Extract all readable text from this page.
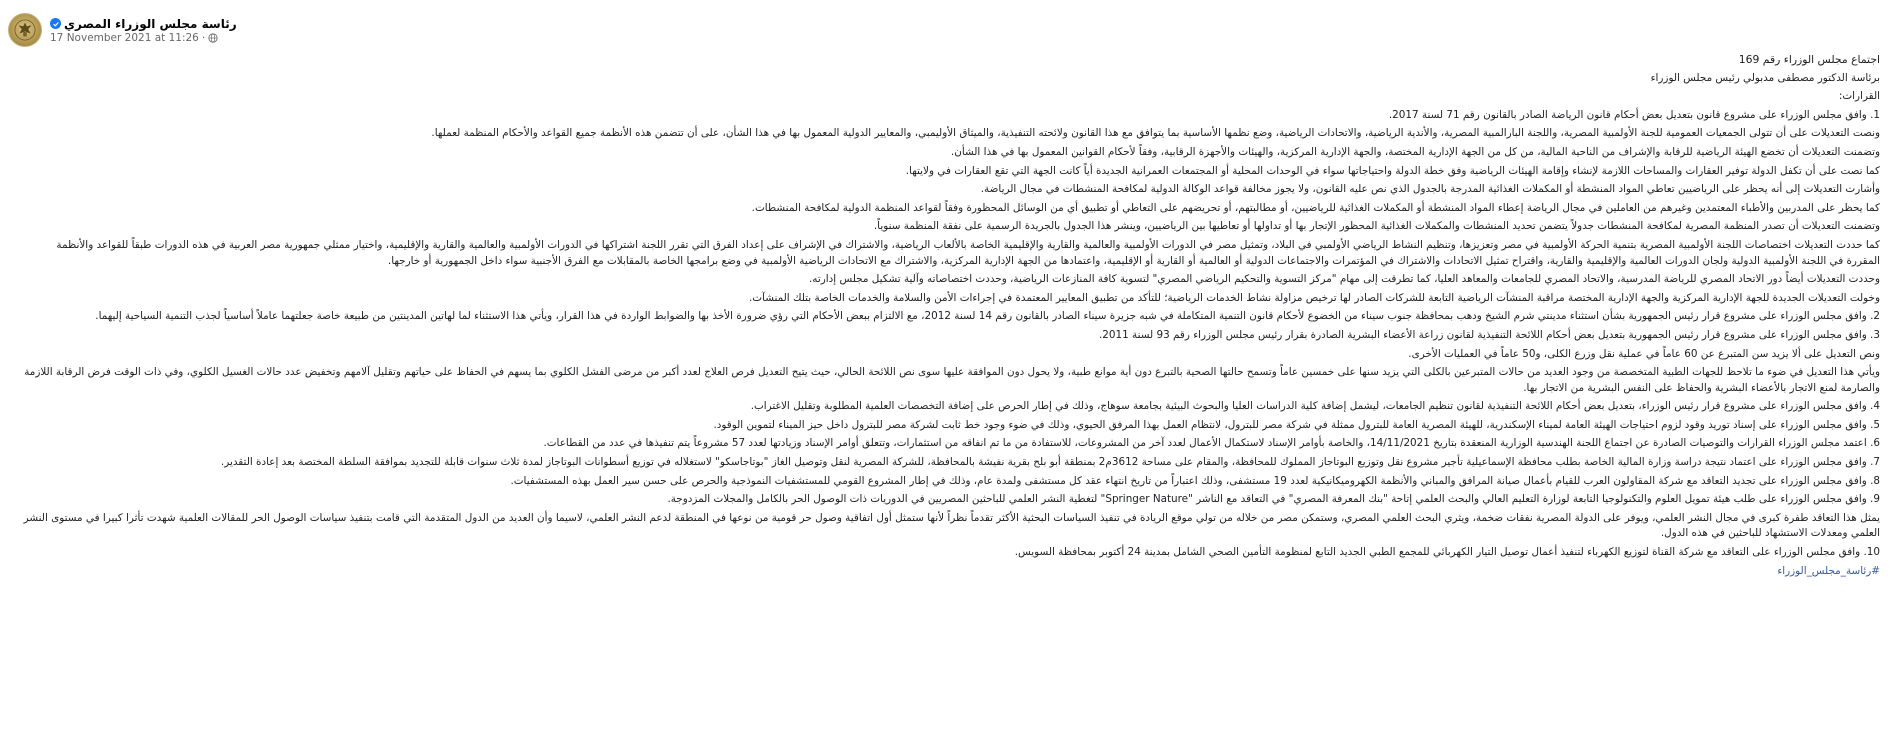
رئاسة مجلس الوزراء المصري
17 November 2021 at 11:26 ·

اجتماع مجلس الوزراء رقم 169

برئاسة الدكتور مصطفى مدبولي رئيس مجلس الوزراء

القرارات:

1. وافق مجلس الوزراء على مشروع قانون بتعديل بعض أحكام قانون الرياضة الصادر بالقانون رقم 71 لسنة 2017.

ونصت التعديلات على أن تتولى الجمعيات العمومية للجنة الأولمبية المصرية، واللجنة البارالمبية المصرية، والأندية الرياضية، والاتحادات الرياضية، وضع نظمها الأساسية بما يتوافق مع هذا القانون ولائحته التنفيذية، والميثاق الأوليمبي، والمعايير الدولية المعمول بها في هذا الشأن، على أن تتضمن هذه الأنظمة جميع القواعد والأحكام المنظمة لعملها.

وتضمنت التعديلات أن تخضع الهيئة الرياضية للرقابة والإشراف من الناحية المالية، من كل من الجهة الإدارية المختصة، والجهة الإدارية المركزية، والهيئات والأجهزة الرقابية، وفقاً لأحكام القوانين المعمول بها في هذا الشأن.

كما نصت على أن تكفل الدولة توفير العقارات والمساحات اللازمة لإنشاء وإقامة الهيئات الرياضية وفق خطة الدولة واحتياجاتها سواء في الوحدات المحلية أو المجتمعات العمرانية الجديدة أياً كانت الجهة التي تقع العقارات في ولايتها.

وأشارت التعديلات إلى أنه يحظر على الرياضيين تعاطي المواد المنشطة أو المكملات الغذائية المدرجة بالجدول الذي نص عليه القانون، ولا يجوز مخالفة قواعد الوكالة الدولية لمكافحة المنشطات في مجال الرياضة.

كما يحظر على المدربين والأطباء المعتمدين وغيرهم من العاملين في مجال الرياضة إعطاء المواد المنشطة أو المكملات الغذائية للرياضيين، أو مطالبتهم، أو تحريضهم على التعاطي أو تطبيق أي من الوسائل المحظورة وفقاً لقواعد المنظمة الدولية لمكافحة المنشطات.

وتضمنت التعديلات أن تصدر المنظمة المصرية لمكافحة المنشطات جدولاً يتضمن تحديد المنشطات والمكملات الغذائية المحظور الإتجار بها أو تداولها أو تعاطيها بين الرياضيين، وينشر هذا الجدول بالجريدة الرسمية على نفقة المنظمة سنوياً.

كما حددت التعديلات اختصاصات اللجنة الأولمبية المصرية بتنمية الحركة الأولمبية في مصر وتعزيزها، وتنظيم النشاط الرياضي الأولمبي في البلاد، وتمثيل مصر في الدورات الأولمبية والعالمية والقارية والإقليمية الخاصة بالألعاب الرياضية، والاشتراك في الإشراف على إعداد الفرق التي تقرر اللجنة اشتراكها في الدورات الأولمبية والعالمية والقارية والإقليمية، واختيار ممثلي جمهورية مصر العربية في هذه الدورات طبقاً للقواعد والأنظمة المقررة في اللجنة الأولمبية الدولية ولجان الدورات العالمية والإقليمية والقارية، واقتراح تمثيل الاتحادات والاشتراك في المؤتمرات والاجتماعات الدولية أو العالمية أو القارية أو الإقليمية، واعتمادها من الجهة الإدارية المركزية، والاشتراك مع الاتحادات الرياضية الأولمبية في وضع برامجها الخاصة بالمقابلات مع الفرق الأجنبية سواء داخل الجمهورية أو خارجها.

وحددت التعديلات أيضاً دور الاتحاد المصري للرياضة المدرسية، والاتحاد المصري للجامعات والمعاهد العليا، كما تطرقت إلى مهام "مركز التسوية والتحكيم الرياضي المصري" لتسوية كافة المنازعات الرياضية، وحددت اختصاصاته وآلية تشكيل مجلس إدارته.

وخولت التعديلات الجديدة للجهة الإدارية المركزية والجهة الإدارية المختصة مراقبة المنشآت الرياضية التابعة للشركات الصادر لها ترخيص مزاولة نشاط الخدمات الرياضية؛ للتأكد من تطبيق المعايير المعتمدة في إجراءات الأمن والسلامة والخدمات الخاصة بتلك المنشآت.

2. وافق مجلس الوزراء على مشروع قرار رئيس الجمهورية بشأن استثناء مدينتي شرم الشيخ ودهب بمحافظة جنوب سيناء من الخضوع لأحكام قانون التنمية المتكاملة في شبه جزيرة سيناء الصادر بالقانون رقم 14 لسنة 2012، مع الالتزام ببعض الأحكام التي رؤي ضرورة الأخذ بها والضوابط الواردة في هذا القرار، ويأتي هذا الاستثناء لما لهاتين المدينتين من طبيعة خاصة جعلتهما عاملاً أساسياً لجذب التنمية السياحية إليهما.

3. وافق مجلس الوزراء على مشروع قرار رئيس الجمهورية بتعديل بعض أحكام اللائحة التنفيذية لقانون زراعة الأعضاء البشرية الصادرة بقرار رئيس مجلس الوزراء رقم 93 لسنة 2011.

ونص التعديل على ألا يزيد سن المتبرع عن 60 عاماً في عملية نقل وزرع الكلى، و50 عاماً في العمليات الأخرى.

ويأتي هذا التعديل في ضوء ما تلاحظ للجهات الطبية المتخصصة من وجود العديد من حالات المتبرعين بالكلى التي يزيد سنها على خمسين عاماً وتسمح حالتها الصحية بالتبرع دون أية موانع طبية، ولا يحول دون الموافقة عليها سوى نص اللائحة الحالي، حيث يتيح التعديل فرص العلاج لعدد أكبر من مرضى الفشل الكلوي بما يسهم في الحفاظ على حياتهم وتقليل آلامهم وتخفيض عدد حالات الغسيل الكلوي، وفي ذات الوقت فرض الرقابة اللازمة والصارمة لمنع الاتجار بالأعضاء البشرية والحفاظ على النفس البشرية من الاتجار بها.

4. وافق مجلس الوزراء على مشروع قرار رئيس الوزراء، بتعديل بعض أحكام اللائحة التنفيذية لقانون تنظيم الجامعات، ليشمل إضافة كلية الدراسات العليا والبحوث البيئية بجامعة سوهاج، وذلك في إطار الحرص على إضافة التخصصات العلمية المطلوبة وتقليل الاغتراب.

5. وافق مجلس الوزراء على إسناد توريد وقود لزوم احتياجات الهيئة العامة لميناء الإسكندرية، للهيئة المصرية العامة للبترول ممثلة في شركة مصر للبترول، لانتظام العمل بهذا المرفق الحيوي، وذلك في ضوء وجود خط ثابت لشركة مصر للبترول داخل حيز الميناء لتموين الوقود.

6. اعتمد مجلس الوزراء القرارات والتوصيات الصادرة عن اجتماع اللجنة الهندسية الوزارية المنعقدة بتاريخ 14/11/2021، والخاصة بأوامر الإسناد لاستكمال الأعمال لعدد آخر من المشروعات، للاستفادة من ما تم انفاقه من استثمارات، وتتعلق أوامر الإسناد وزيادتها لعدد 57 مشروعاً يتم تنفيذها في عدد من القطاعات.

7. وافق مجلس الوزراء على اعتماد نتيجة دراسة وزارة المالية الخاصة بطلب محافظة الإسماعيلية تأجير مشروع نقل وتوزيع البوتاجاز المملوك للمحافظة، والمقام على مساحة 3612م2 بمنطقة أبو بلح بقرية نفيشة بالمحافظة، للشركة المصرية لنقل وتوصيل الغاز "بوتاجاسكو" لاستغلاله في توزيع أسطوانات البوتاجاز لمدة ثلاث سنوات قابلة للتجديد بموافقة السلطة المختصة بعد إعادة التقدير.

8. وافق مجلس الوزراء على تجديد التعاقد مع شركة المقاولون العرب للقيام بأعمال صيانة المرافق والمباني والأنظمة الكهروميكانيكية لعدد 19 مستشفى، وذلك اعتباراً من تاريخ انتهاء عقد كل مستشفى ولمدة عام، وذلك في إطار المشروع القومي للمستشفيات النموذجية والحرص على حسن سير العمل بهذه المستشفيات.

9. وافق مجلس الوزراء على طلب هيئة تمويل العلوم والتكنولوجيا التابعة لوزارة التعليم العالي والبحث العلمي إتاحة "بنك المعرفة المصري" في التعاقد مع الناشر "Springer Nature" لتغطية النشر العلمي للباحثين المصريين في الدوريات ذات الوصول الحر بالكامل والمجلات المزدوجة.

يمثل هذا التعاقد طفرة كبرى في مجال النشر العلمي، ويوفر على الدولة المصرية نفقات ضخمة، ويثري البحث العلمي المصري، وستمكن مصر من خلاله من تولي موقع الريادة في تنفيذ السياسات البحثية الأكثر تقدماً نظراً لأنها ستمثل أول اتفاقية وصول حر قومية من نوعها في المنطقة لدعم النشر العلمي، لاسيما وأن العديد من الدول المتقدمة التي قامت بتنفيذ سياسات الوصول الحر للمقالات العلمية شهدت تأثرا كبيرا في مستوى النشر العلمي ومعدلات الاستشهاد للباحثين في هذه الدول.

10. وافق مجلس الوزراء على التعاقد مع شركة القناة لتوزيع الكهرباء لتنفيذ أعمال توصيل التيار الكهربائي للمجمع الطبي الجديد التابع لمنظومة التأمين الصحي الشامل بمدينة 24 أكتوبر بمحافظة السويس.

#رئاسة_مجلس_الوزراء
